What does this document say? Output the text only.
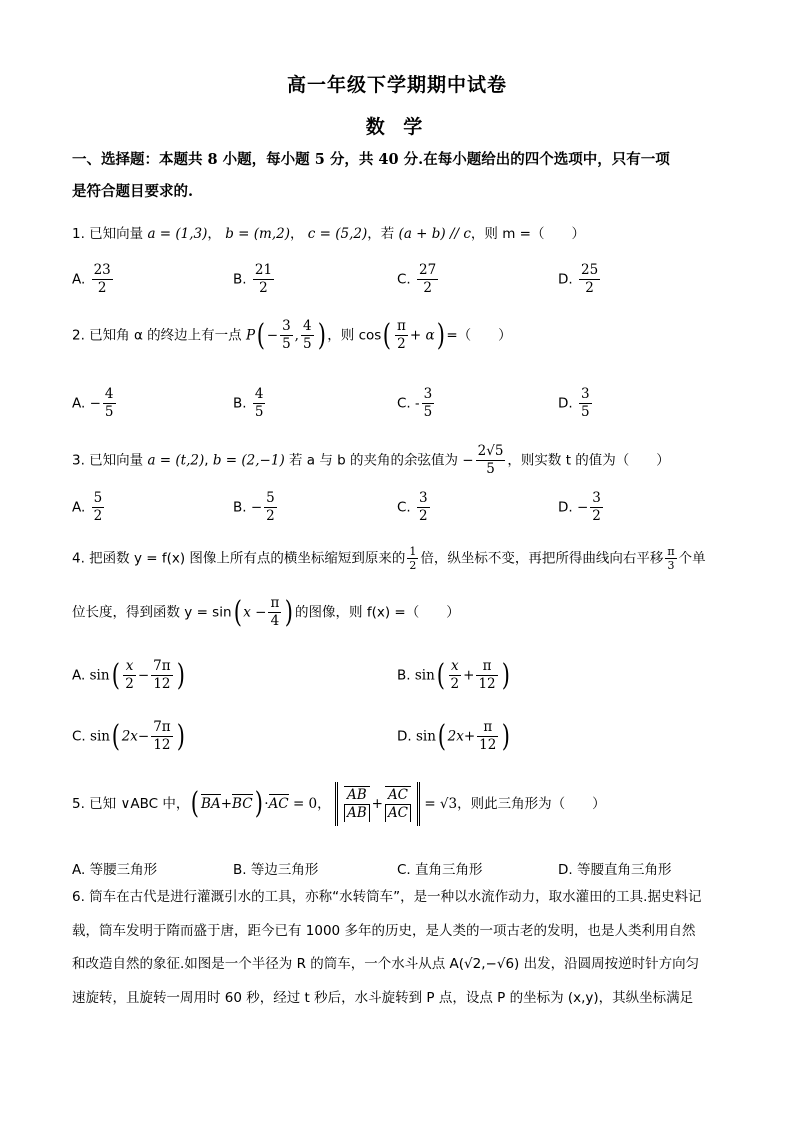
高一年级下学期期中试卷
数 学
一、选择题：本题共 8 小题，每小题 5 分，共 40 分.在每小题给出的四个选项中，只有一项
是符合题目要求的.
1. 已知向量 a = (1,3)， b = (m,2)， c = (5,2)，若 (a + b) // c，则 m =（　　）
A. $\frac{23}{2}$	B. $\frac{21}{2}$	C. $\frac{27}{2}$	D. $\frac{25}{2}$
2. 已知角 α 的终边上有一点 $P( - \frac{3}{5}$ , $\frac{4}{5}$ ) ，则 $\cos( \frac{\pi}{2} + \alpha)$ =（　　）
A. − $\frac{4}{5}$	B. $\frac{4}{5}$	C. - $\frac{3}{5}$	D. $\frac{3}{5}$
3. 已知向量 a = (t,2), b = (2,−1) 若 a 与 b 的夹角的余弦值为 − $\frac{2√5}{5}$ ，则实数 t 的值为（　　）
A. $\frac{5}{2}$	B. − $\frac{5}{2}$	C. $\frac{3}{2}$	D. − $\frac{3}{2}$
4. 把函数 y = f(x) 图像上所有点的横坐标缩短到原来的 $\frac{1}{2}$ 倍，纵坐标不变，再把所得曲线向右平移 $\frac{\pi}{3}$ 个单
位长度，得到函数 y = sin( $x - \frac{\pi}{4}$ ) 的图像，则 f(x) =（　　）
A. $\sin( \frac{x}{2} - \frac{7\pi}{12}$ )	B. $\sin( \frac{x}{2} + \frac{\pi}{12}$ )
C. sin( $2x- \frac{7\pi}{12}$ )	D. sin( $2x+ \frac{\pi}{12}$ )
5. 已知 ∨ABC 中，( BA+BC) ·AC = 0， $\frac{AB}{AB} + \frac{AC}{AC} = √3$，则此三角形为（　　）
A. 等腰三角形	B. 等边三角形	C. 直角三角形	D. 等腰直角三角形
6. 筒车在古代是进行灌溉引水的工具，亦称“水转筒车”，是一种以水流作动力，取水灌田的工具.据史料记
载，筒车发明于隋而盛于唐，距今已有 1000 多年的历史，是人类的一项古老的发明，也是人类利用自然
和改造自然的象征.如图是一个半径为 R 的筒车，一个水斗从点 A(√2,−√6) 出发，沿圆周按逆时针方向匀
速旋转，且旋转一周用时 60 秒，经过 t 秒后，水斗旋转到 P 点，设点 P 的坐标为 (x,y)，其纵坐标满足
